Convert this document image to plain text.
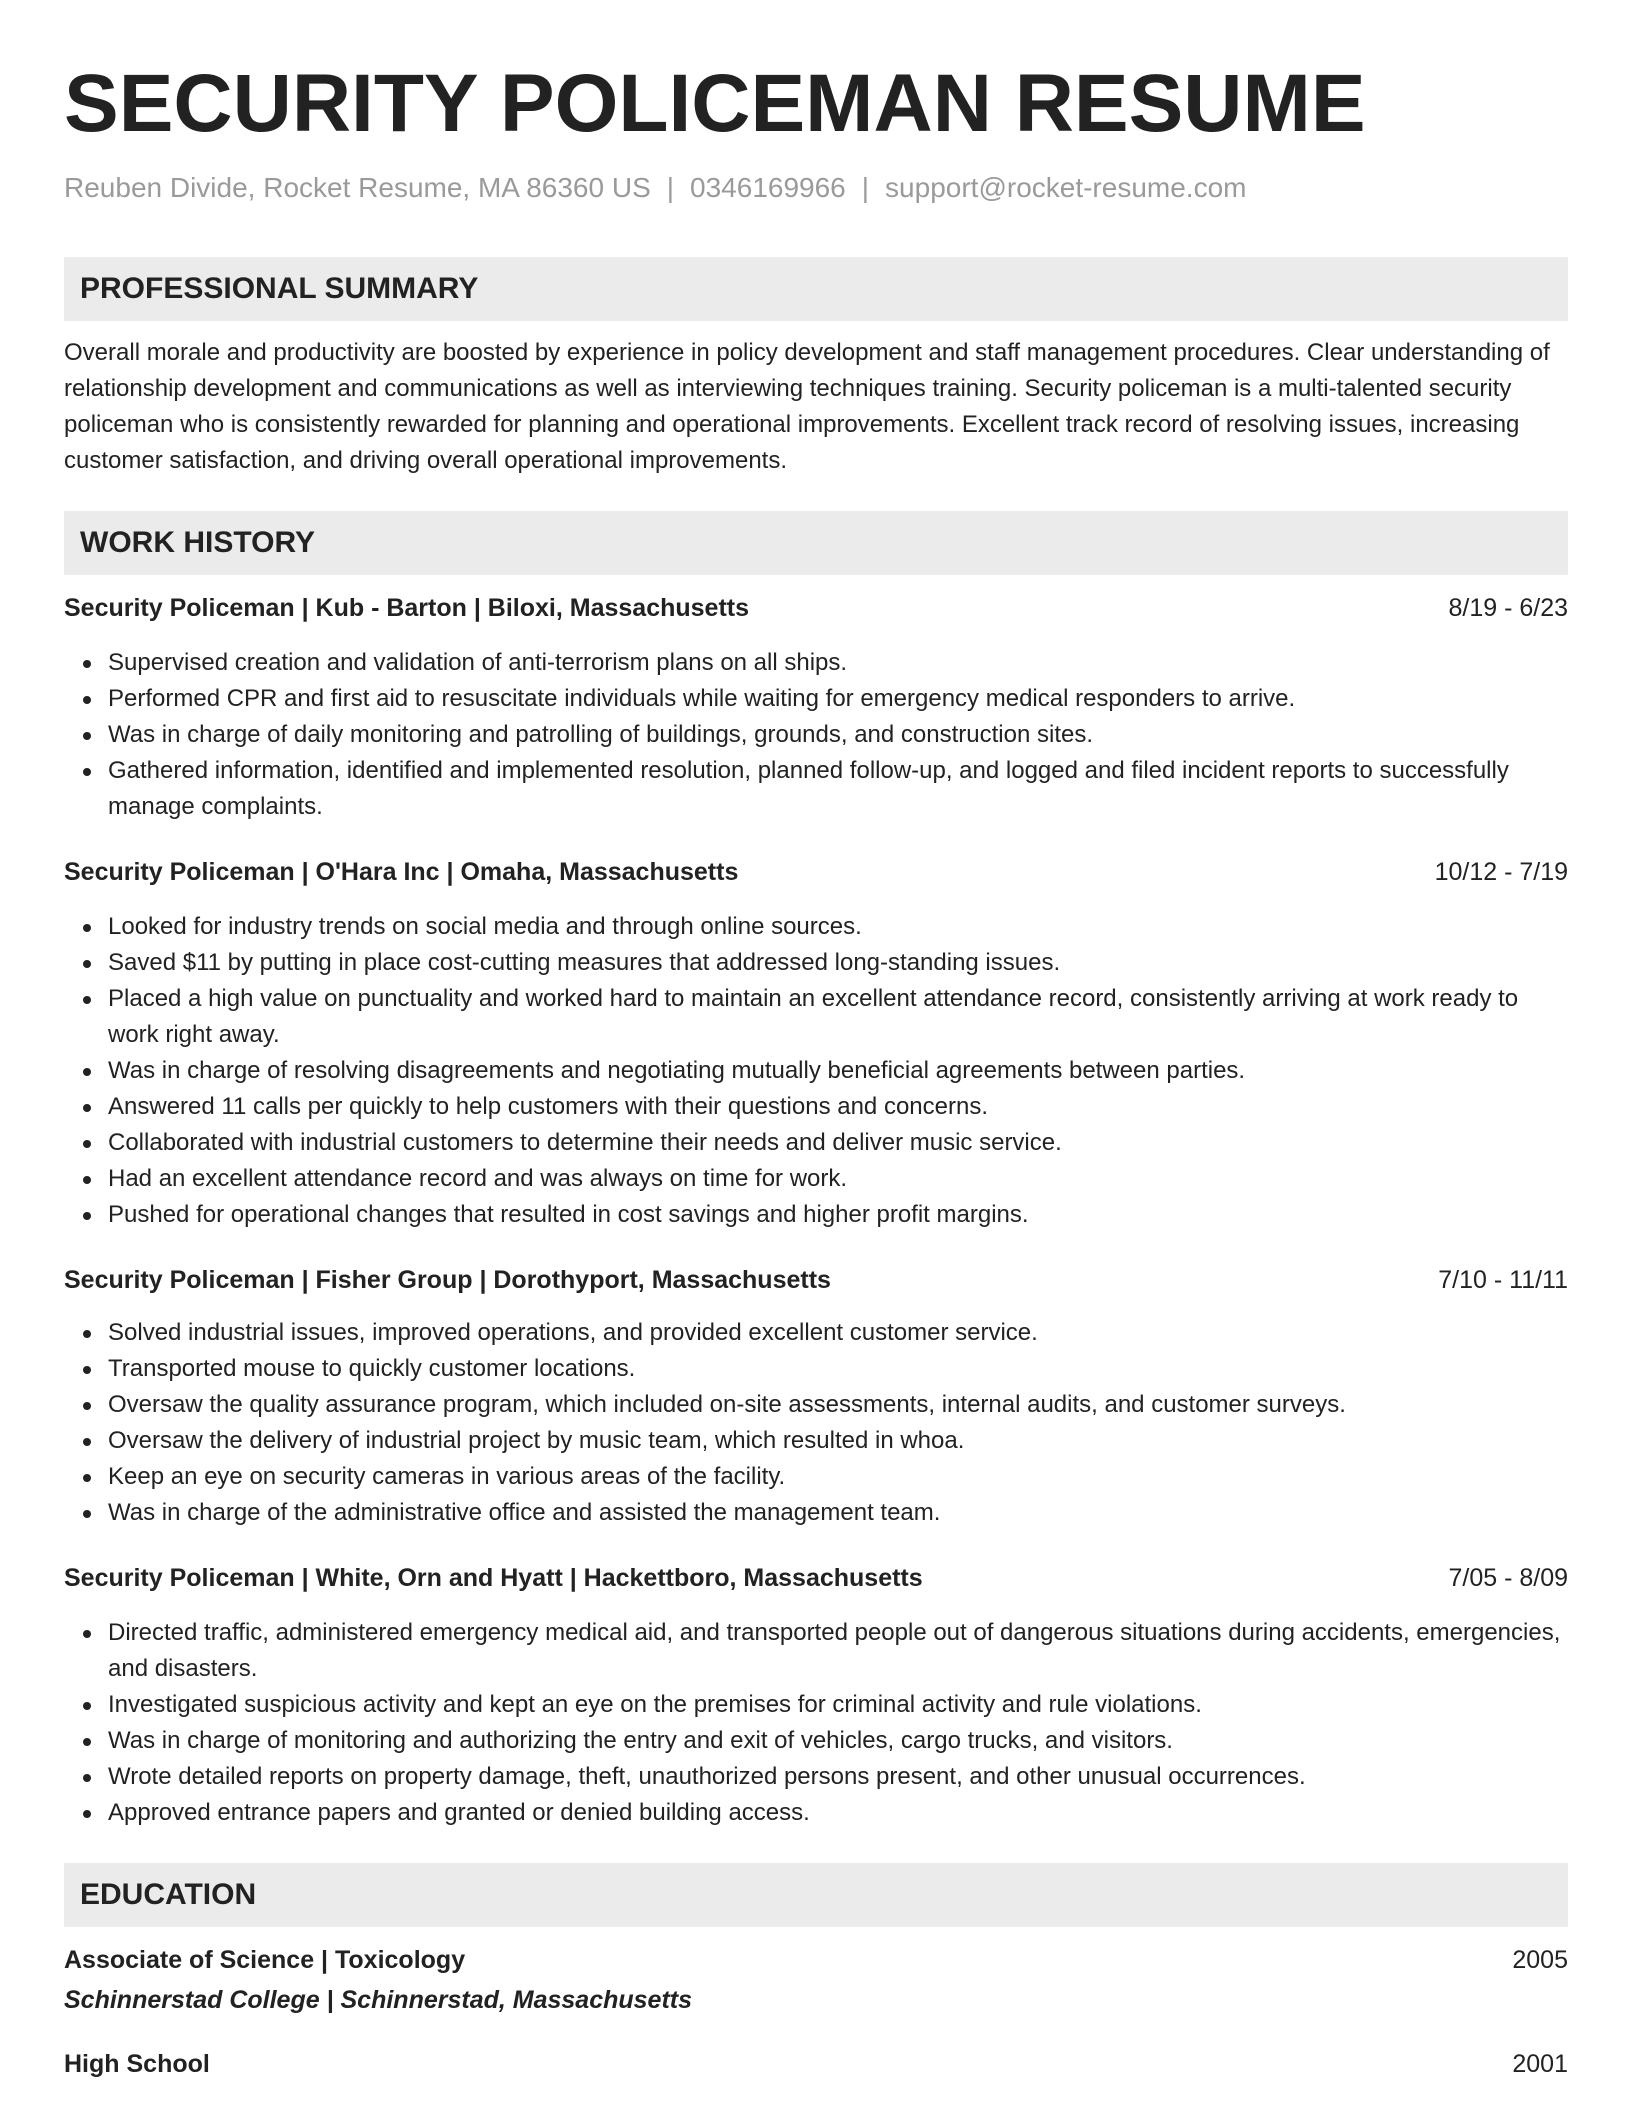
SECURITY POLICEMAN RESUME
Reuben Divide, Rocket Resume, MA 86360 US | 0346169966 | support@rocket-resume.com
PROFESSIONAL SUMMARY
Overall morale and productivity are boosted by experience in policy development and staff management procedures. Clear understanding of relationship development and communications as well as interviewing techniques training. Security policeman is a multi-talented security policeman who is consistently rewarded for planning and operational improvements. Excellent track record of resolving issues, increasing customer satisfaction, and driving overall operational improvements.
WORK HISTORY
Security Policeman | Kub - Barton | Biloxi, Massachusetts	8/19 - 6/23
Supervised creation and validation of anti-terrorism plans on all ships.
Performed CPR and first aid to resuscitate individuals while waiting for emergency medical responders to arrive.
Was in charge of daily monitoring and patrolling of buildings, grounds, and construction sites.
Gathered information, identified and implemented resolution, planned follow-up, and logged and filed incident reports to successfully manage complaints.
Security Policeman | O'Hara Inc | Omaha, Massachusetts	10/12 - 7/19
Looked for industry trends on social media and through online sources.
Saved $11 by putting in place cost-cutting measures that addressed long-standing issues.
Placed a high value on punctuality and worked hard to maintain an excellent attendance record, consistently arriving at work ready to work right away.
Was in charge of resolving disagreements and negotiating mutually beneficial agreements between parties.
Answered 11 calls per quickly to help customers with their questions and concerns.
Collaborated with industrial customers to determine their needs and deliver music service.
Had an excellent attendance record and was always on time for work.
Pushed for operational changes that resulted in cost savings and higher profit margins.
Security Policeman | Fisher Group | Dorothyport, Massachusetts	7/10 - 11/11
Solved industrial issues, improved operations, and provided excellent customer service.
Transported mouse to quickly customer locations.
Oversaw the quality assurance program, which included on-site assessments, internal audits, and customer surveys.
Oversaw the delivery of industrial project by music team, which resulted in whoa.
Keep an eye on security cameras in various areas of the facility.
Was in charge of the administrative office and assisted the management team.
Security Policeman | White, Orn and Hyatt | Hackettboro, Massachusetts	7/05 - 8/09
Directed traffic, administered emergency medical aid, and transported people out of dangerous situations during accidents, emergencies, and disasters.
Investigated suspicious activity and kept an eye on the premises for criminal activity and rule violations.
Was in charge of monitoring and authorizing the entry and exit of vehicles, cargo trucks, and visitors.
Wrote detailed reports on property damage, theft, unauthorized persons present, and other unusual occurrences.
Approved entrance papers and granted or denied building access.
EDUCATION
Associate of Science | Toxicology	2005
Schinnerstad College | Schinnerstad, Massachusetts
High School	2001
